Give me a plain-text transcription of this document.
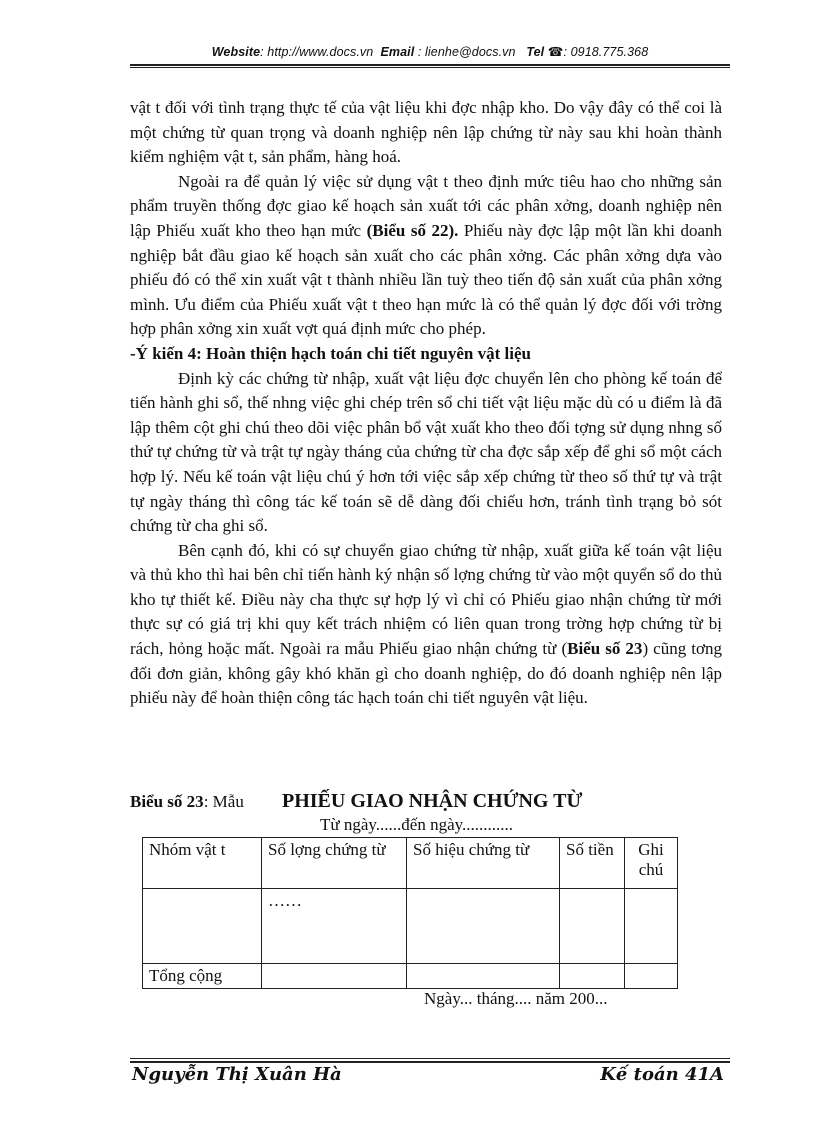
Website: http://www.docs.vn Email : lienhe@docs.vn Tel ☎: 0918.775.368

vật t đối với tình trạng thực tế của vật liệu khi đợc nhập kho. Do vậy đây có thể coi là một chứng từ quan trọng và doanh nghiệp nên lập chứng từ này sau khi hoàn thành kiểm nghiệm vật t, sản phẩm, hàng hoá.

Ngoài ra để quản lý việc sử dụng vật t theo định mức tiêu hao cho những sản phẩm truyền thống đợc giao kế hoạch sản xuất tới các phân xởng, doanh nghiệp nên lập Phiếu xuất kho theo hạn mức (Biểu số 22). Phiếu này đợc lập một lần khi doanh nghiệp bắt đầu giao kế hoạch sản xuất cho các phân xởng. Các phân xởng dựa vào phiếu đó có thể xin xuất vật t thành nhiều lần tuỳ theo tiến độ sản xuất của phân xởng mình. Ưu điểm của Phiếu xuất vật t theo hạn mức là có thể quản lý đợc đối với trờng hợp phân xởng xin xuất vợt quá định mức cho phép.

-Ý kiến 4: Hoàn thiện hạch toán chi tiết nguyên vật liệu

Định kỳ các chứng từ nhập, xuất vật liệu đợc chuyển lên cho phòng kế toán để tiến hành ghi sổ, thế nhng việc ghi chép trên sổ chi tiết vật liệu mặc dù có u điểm là đã lập thêm cột ghi chú theo dõi việc phân bổ vật xuất kho theo đối tợng sử dụng nhng số thứ tự chứng từ và trật tự ngày tháng của chứng từ cha đợc sắp xếp để ghi sổ một cách hợp lý. Nếu kế toán vật liệu chú ý hơn tới việc sắp xếp chứng từ theo số thứ tự và trật tự ngày tháng thì công tác kế toán sẽ dễ dàng đối chiếu hơn, tránh tình trạng bỏ sót chứng từ cha ghi sổ.

Bên cạnh đó, khi có sự chuyển giao chứng từ nhập, xuất giữa kế toán vật liệu và thủ kho thì hai bên chỉ tiến hành ký nhận số lợng chứng từ vào một quyển sổ do thủ kho tự thiết kế. Điều này cha thực sự hợp lý vì chỉ có Phiếu giao nhận chứng từ mới thực sự có giá trị khi quy kết trách nhiệm có liên quan trong trờng hợp chứng từ bị rách, hỏng hoặc mất. Ngoài ra mẫu Phiếu giao nhận chứng từ (Biểu số 23) cũng tơng đối đơn giản, không gây khó khăn gì cho doanh nghiệp, do đó doanh nghiệp nên lập phiếu này để hoàn thiện công tác hạch toán chi tiết nguyên vật liệu.

Biểu số 23: Mẫu PHIẾU GIAO NHẬN CHỨNG TỪ
Từ ngày......đến ngày............
Nhóm vật t	Số lợng chứng từ	Số hiệu chứng từ	Số tiền	Ghi chú
	……			
Tổng cộng				
Ngày... tháng.... năm 200...
Nguyễn Thị Xuân Hà	Kế toán 41A
